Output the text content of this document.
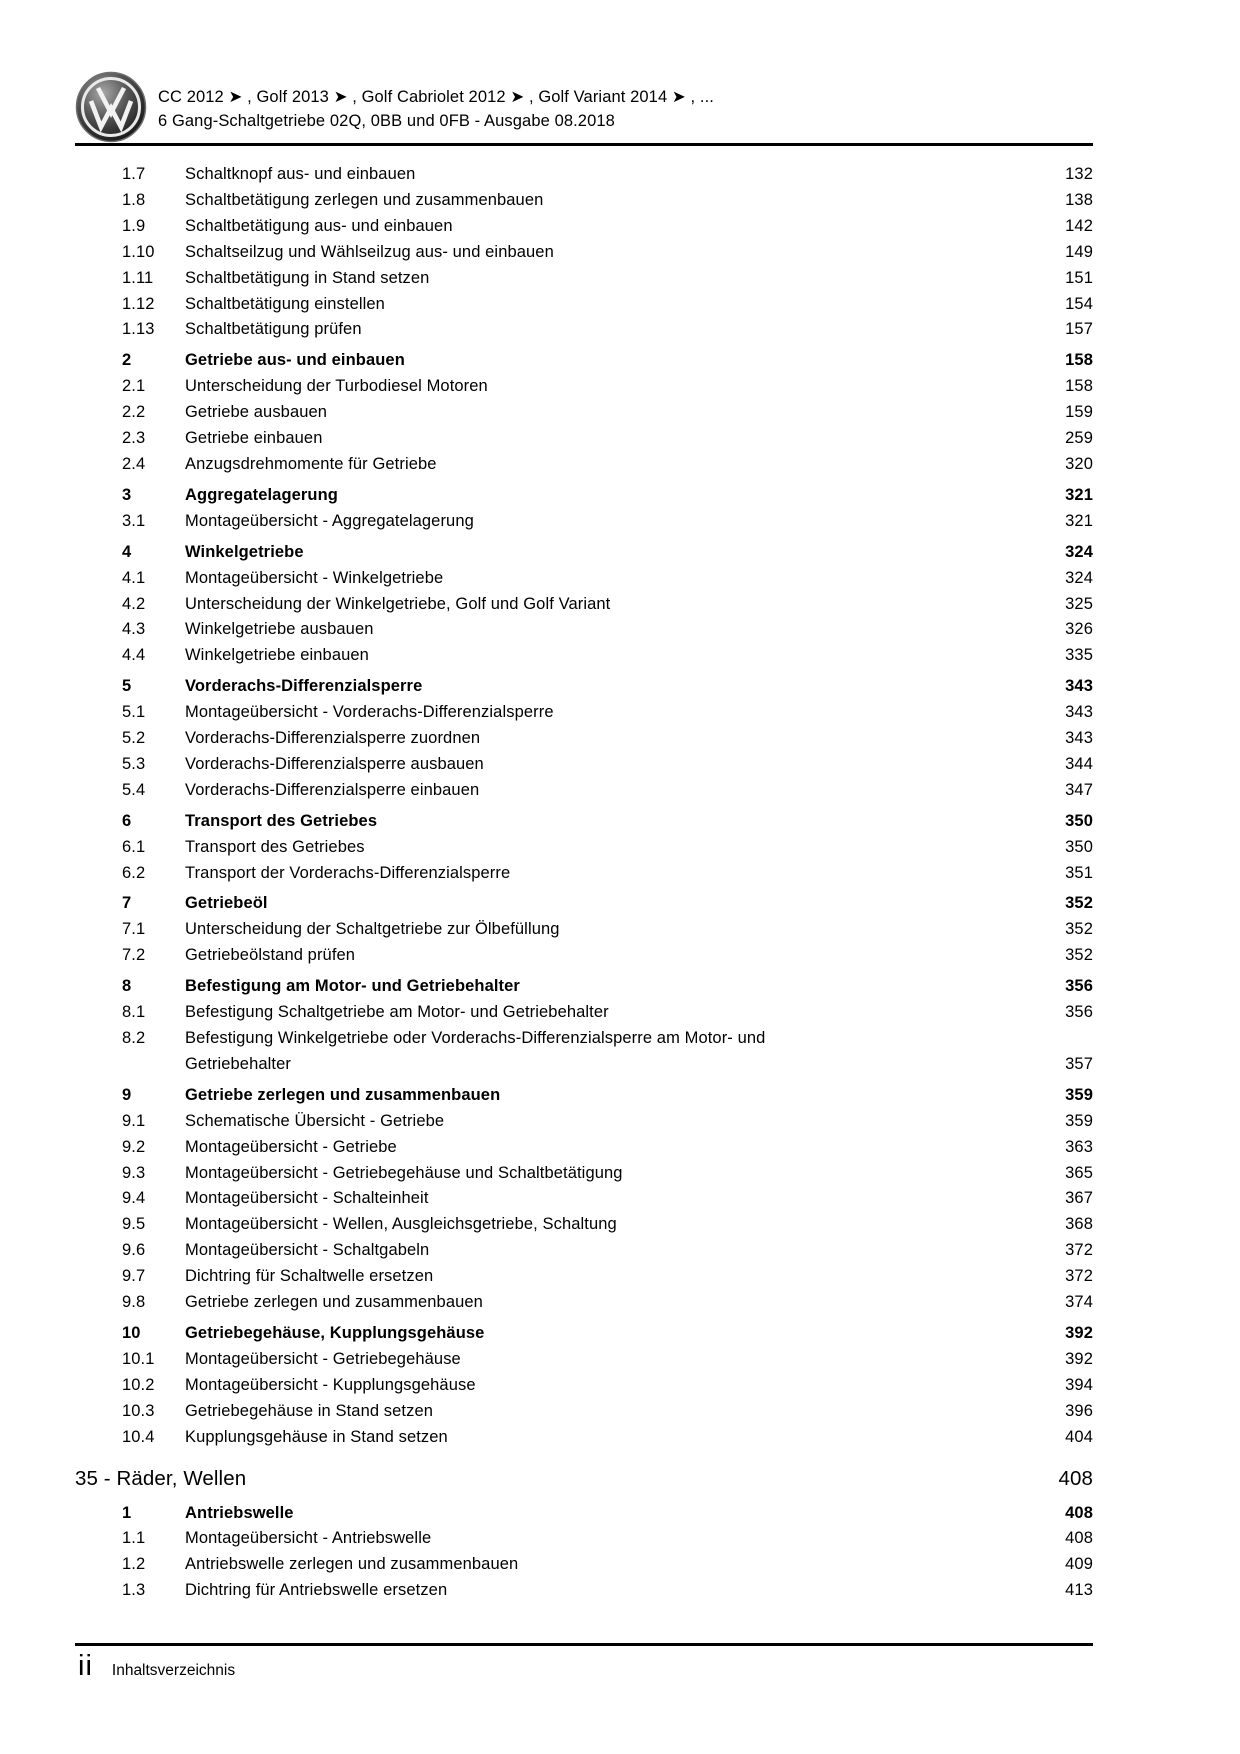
CC 2012 ➤ , Golf 2013 ➤ , Golf Cabriolet 2012 ➤ , Golf Variant 2014 ➤ , ...
6 Gang-Schaltgetriebe 02Q, 0BB und 0FB - Ausgabe 08.2018
1.7	Schaltknopf aus- und einbauen	132
1.8	Schaltbetätigung zerlegen und zusammenbauen	138
1.9	Schaltbetätigung aus- und einbauen	142
1.10	Schaltseilzug und Wählseilzug aus- und einbauen	149
1.11	Schaltbetätigung in Stand setzen	151
1.12	Schaltbetätigung einstellen	154
1.13	Schaltbetätigung prüfen	157
2	Getriebe aus- und einbauen	158
2.1	Unterscheidung der Turbodiesel Motoren	158
2.2	Getriebe ausbauen	159
2.3	Getriebe einbauen	259
2.4	Anzugsdrehmomente für Getriebe	320
3	Aggregatelagerung	321
3.1	Montageübersicht - Aggregatelagerung	321
4	Winkelgetriebe	324
4.1	Montageübersicht - Winkelgetriebe	324
4.2	Unterscheidung der Winkelgetriebe, Golf und Golf Variant	325
4.3	Winkelgetriebe ausbauen	326
4.4	Winkelgetriebe einbauen	335
5	Vorderachs-Differenzialsperre	343
5.1	Montageübersicht - Vorderachs-Differenzialsperre	343
5.2	Vorderachs-Differenzialsperre zuordnen	343
5.3	Vorderachs-Differenzialsperre ausbauen	344
5.4	Vorderachs-Differenzialsperre einbauen	347
6	Transport des Getriebes	350
6.1	Transport des Getriebes	350
6.2	Transport der Vorderachs-Differenzialsperre	351
7	Getriebeöl	352
7.1	Unterscheidung der Schaltgetriebe zur Ölbefüllung	352
7.2	Getriebeölstand prüfen	352
8	Befestigung am Motor- und Getriebehalter	356
8.1	Befestigung Schaltgetriebe am Motor- und Getriebehalter	356
8.2	Befestigung Winkelgetriebe oder Vorderachs-Differenzialsperre am Motor- und
Getriebehalter	357
9	Getriebe zerlegen und zusammenbauen	359
9.1	Schematische Übersicht - Getriebe	359
9.2	Montageübersicht - Getriebe	363
9.3	Montageübersicht - Getriebegehäuse und Schaltbetätigung	365
9.4	Montageübersicht - Schalteinheit	367
9.5	Montageübersicht - Wellen, Ausgleichsgetriebe, Schaltung	368
9.6	Montageübersicht - Schaltgabeln	372
9.7	Dichtring für Schaltwelle ersetzen	372
9.8	Getriebe zerlegen und zusammenbauen	374
10	Getriebegehäuse, Kupplungsgehäuse	392
10.1	Montageübersicht - Getriebegehäuse	392
10.2	Montageübersicht - Kupplungsgehäuse	394
10.3	Getriebegehäuse in Stand setzen	396
10.4	Kupplungsgehäuse in Stand setzen	404
35 - Räder, Wellen	408
1	Antriebswelle	408
1.1	Montageübersicht - Antriebswelle	408
1.2	Antriebswelle zerlegen und zusammenbauen	409
1.3	Dichtring für Antriebswelle ersetzen	413
ii Inhaltsverzeichnis
